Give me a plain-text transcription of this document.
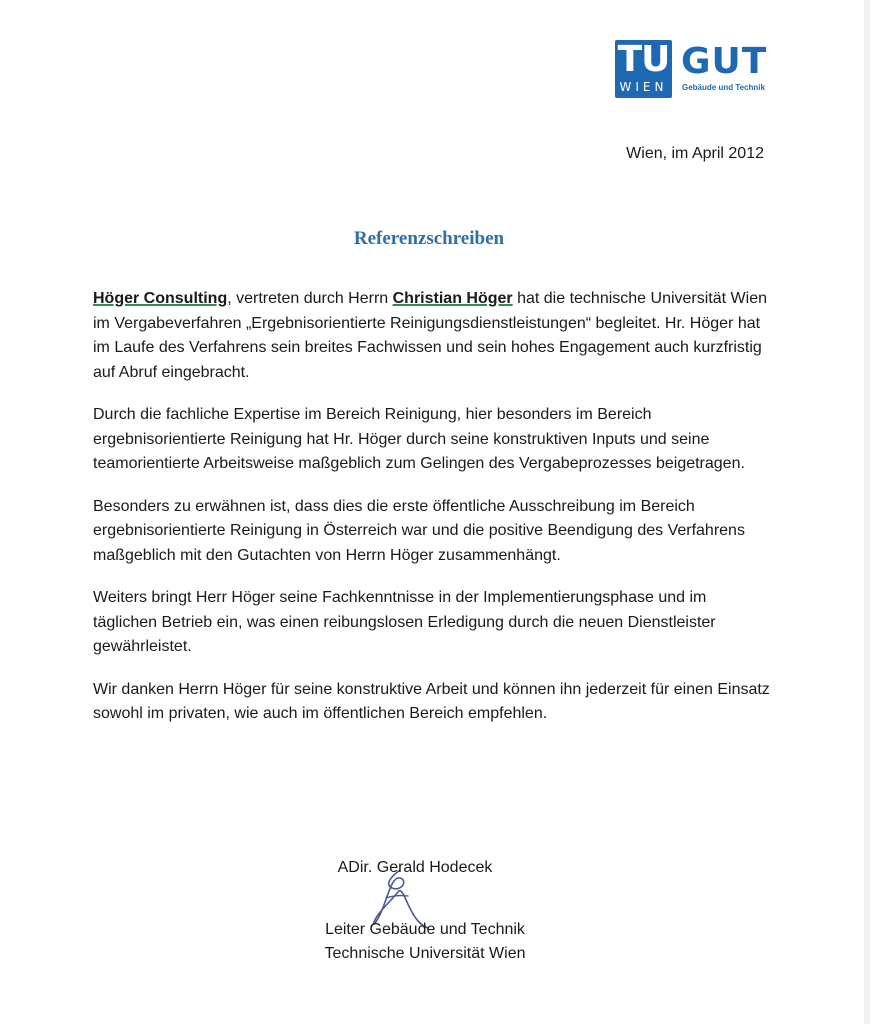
TU
WIEN
GUT
Gebäude und Technik
Wien, im April 2012
Referenzschreiben

Höger Consulting, vertreten durch Herrn Christian Höger hat die technische Universität Wien im Vergabeverfahren „Ergebnisorientierte Reinigungsdienstleistungen“ begleitet. Hr. Höger hat im Laufe des Verfahrens sein breites Fachwissen und sein hohes Engagement auch kurzfristig auf Abruf eingebracht.

Durch die fachliche Expertise im Bereich Reinigung, hier besonders im Bereich ergebnisorientierte Reinigung hat Hr. Höger durch seine konstruktiven Inputs und seine teamorientierte Arbeitsweise maßgeblich zum Gelingen des Vergabeprozesses beigetragen.

Besonders zu erwähnen ist, dass dies die erste öffentliche Ausschreibung im Bereich ergebnisorientierte Reinigung in Österreich war und die positive Beendigung des Verfahrens maßgeblich mit den Gutachten von Herrn Höger zusammenhängt.

Weiters bringt Herr Höger seine Fachkenntnisse in der Implementierungsphase und im täglichen Betrieb ein, was einen reibungslosen Erledigung durch die neuen Dienstleister gewährleistet.

Wir danken Herrn Höger für seine konstruktive Arbeit und können ihn jederzeit für einen Einsatz sowohl im privaten, wie auch im öffentlichen Bereich empfehlen.

ADir. Gerald Hodecek
Leiter Gebäude und Technik
Technische Universität Wien
